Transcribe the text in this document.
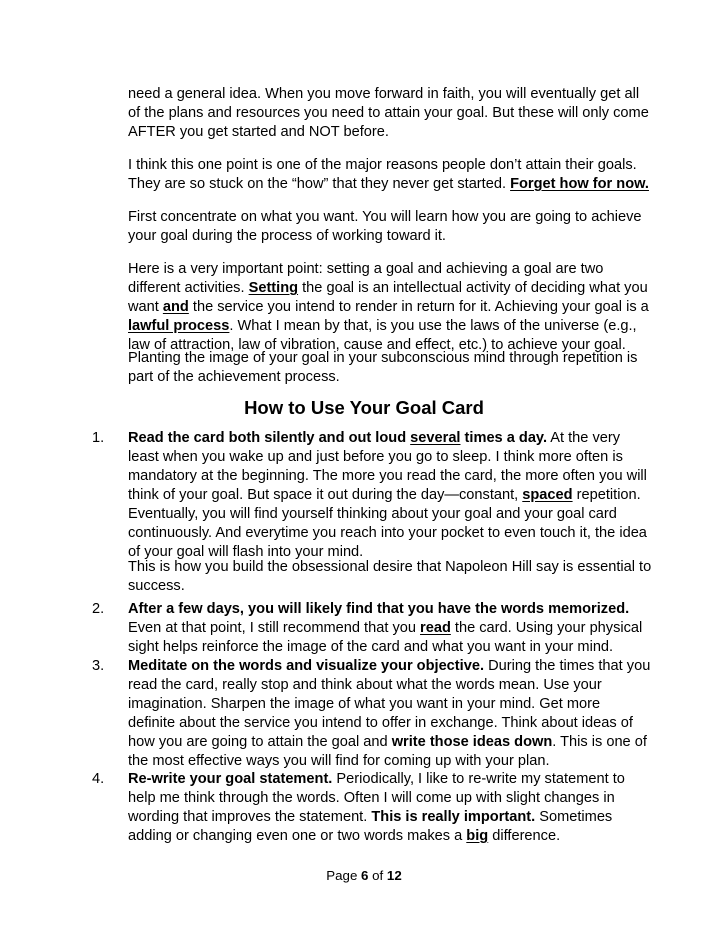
need a general idea. When you move forward in faith, you will eventually get all
of the plans and resources you need to attain your goal. But these will only come
AFTER you get started and NOT before.
I think this one point is one of the major reasons people don’t attain their goals.
They are so stuck on the “how” that they never get started. Forget how for now.
First concentrate on what you want. You will learn how you are going to achieve
your goal during the process of working toward it.
Here is a very important point: setting a goal and achieving a goal are two
different activities. Setting the goal is an intellectual activity of deciding what you
want and the service you intend to render in return for it. Achieving your goal is a
lawful process. What I mean by that, is you use the laws of the universe (e.g.,
law of attraction, law of vibration, cause and effect, etc.) to achieve your goal.
Planting the image of your goal in your subconscious mind through repetition is
part of the achievement process.
How to Use Your Goal Card
1. Read the card both silently and out loud several times a day. At the very
least when you wake up and just before you go to sleep. I think more often is
mandatory at the beginning. The more you read the card, the more often you will
think of your goal. But space it out during the day—constant, spaced repetition.
Eventually, you will find yourself thinking about your goal and your goal card
continuously. And everytime you reach into your pocket to even touch it, the idea
of your goal will flash into your mind.
This is how you build the obsessional desire that Napoleon Hill say is essential to
success.
2. After a few days, you will likely find that you have the words memorized.
Even at that point, I still recommend that you read the card. Using your physical
sight helps reinforce the image of the card and what you want in your mind.
3. Meditate on the words and visualize your objective. During the times that you
read the card, really stop and think about what the words mean. Use your
imagination. Sharpen the image of what you want in your mind. Get more
definite about the service you intend to offer in exchange. Think about ideas of
how you are going to attain the goal and write those ideas down. This is one of
the most effective ways you will find for coming up with your plan.
4. Re-write your goal statement. Periodically, I like to re-write my statement to
help me think through the words. Often I will come up with slight changes in
wording that improves the statement. This is really important. Sometimes
adding or changing even one or two words makes a big difference.
Page 6 of 12
